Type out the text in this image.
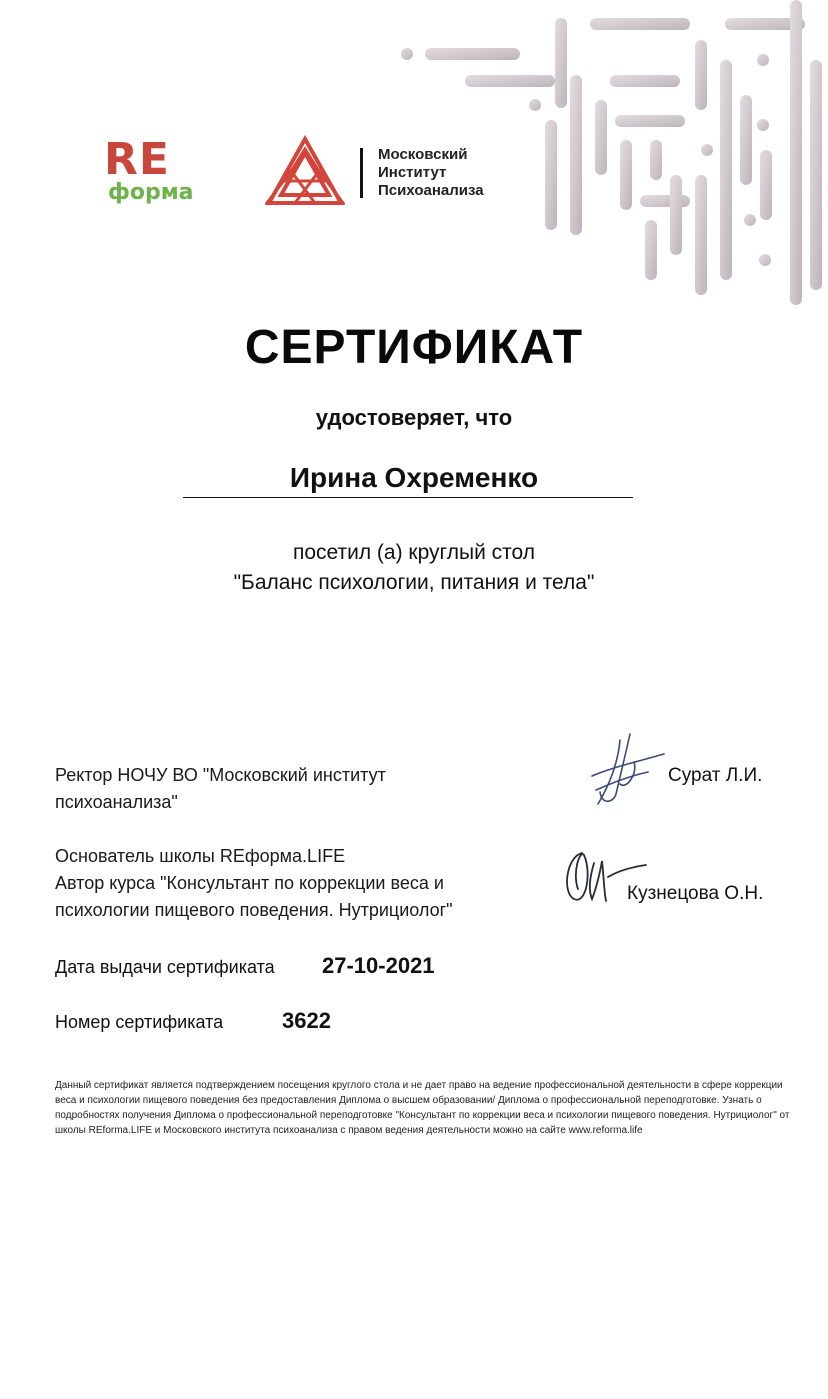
RE
форма
Московский
Институт
Психоанализа
СЕРТИФИКАТ
удостоверяет, что
Ирина Охременко
посетил (а) круглый стол
"Баланс психологии, питания и тела"
Ректор НОЧУ ВО "Московский институт психоанализа"
Сурат Л.И.
Основатель школы REформа.LIFE
Автор курса "Консультант по коррекции веса и
психологии пищевого поведения. Нутрициолог"
Кузнецова О.Н.
Дата выдачи сертификата 27-10-2021
Номер сертификата	3622
Данный сертификат является подтверждением посещения круглого стола и не дает право на ведение профессиональной деятельности в сфере коррекции веса и психологии пищевого поведения без предоставления Диплома о высшем образовании/ Диплома о профессиональной переподготовке. Узнать о подробностях получения Диплома о профессиональной переподготовке "Консультант по коррекции веса и психологии пищевого поведения. Нутрициолог" от школы REforma.LIFE и Московского института психоанализа с правом ведения деятельности можно на сайте www.reforma.life
